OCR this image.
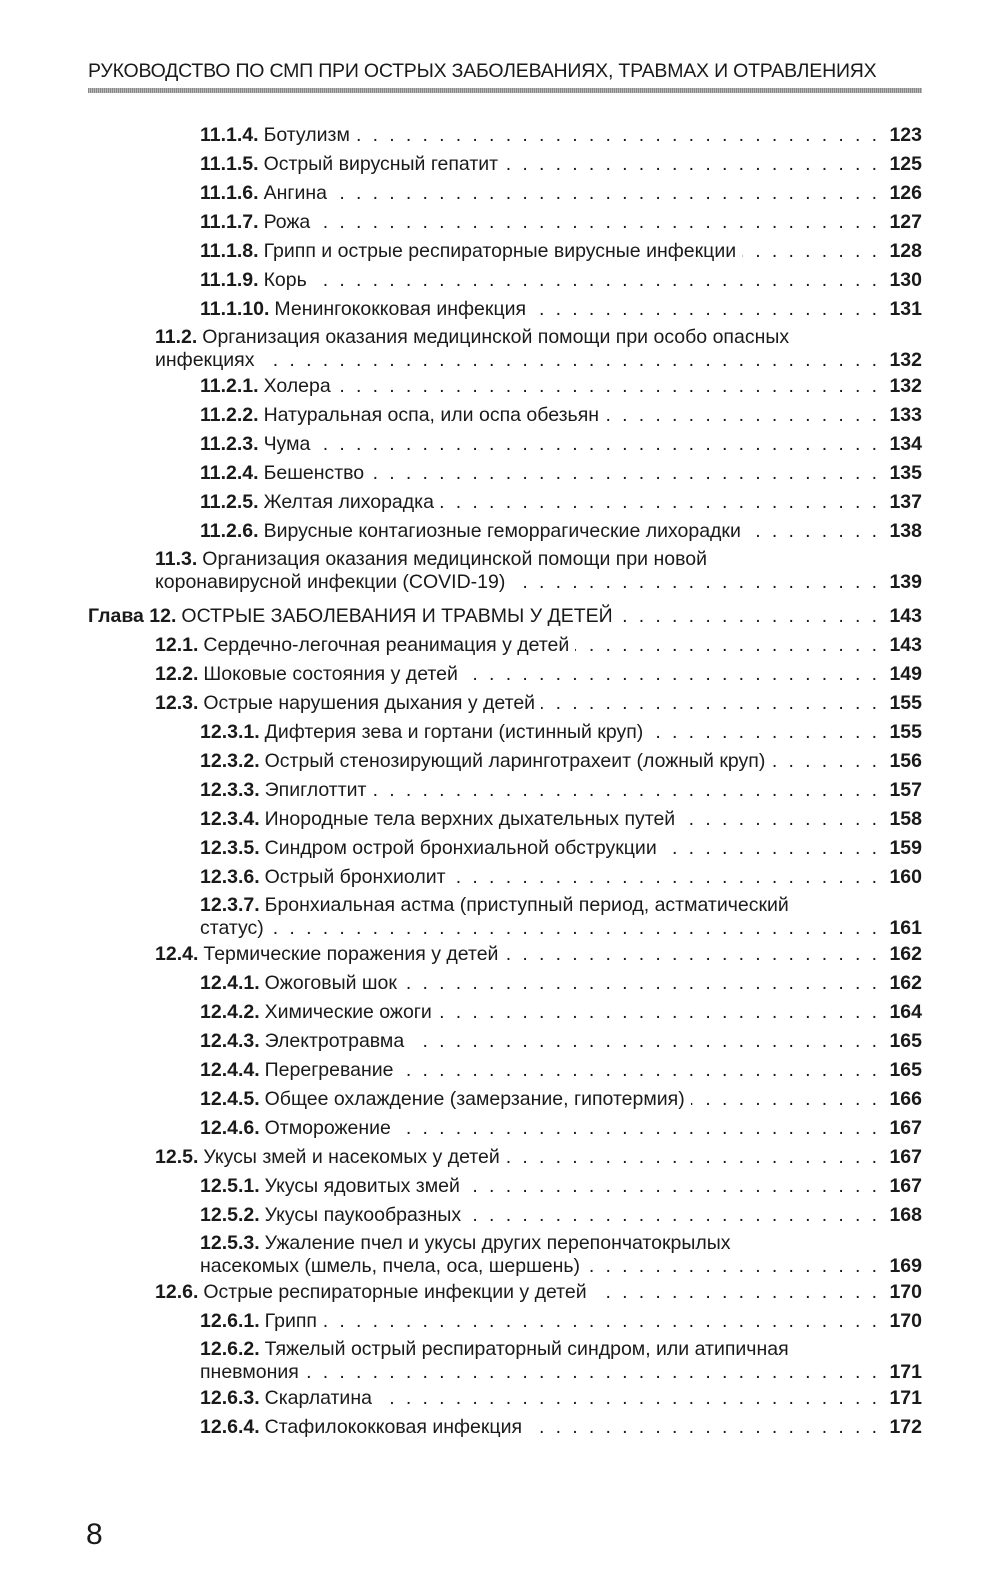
РУКОВОДСТВО ПО СМП ПРИ ОСТРЫХ ЗАБОЛЕВАНИЯХ, ТРАВМАХ И ОТРАВЛЕНИЯХ
11.1.4. Ботулизм . . .	123
11.1.5. Острый вирусный гепатит . . .	125
11.1.6. Ангина . . .	126
11.1.7. Рожа . . .	127
11.1.8. Грипп и острые респираторные вирусные инфекции . . .	128
11.1.9. Корь . . .	130
11.1.10. Менингококковая инфекция . . .	131
11.2. Организация оказания медицинской помощи при особо опасных
инфекциях . . .	132
11.2.1. Холера . . .	132
11.2.2. Натуральная оспа, или оспа обезьян . . .	133
11.2.3. Чума . . .	134
11.2.4. Бешенство . . .	135
11.2.5. Желтая лихорадка . . .	137
11.2.6. Вирусные контагиозные геморрагические лихорадки . . .	138
11.3. Организация оказания медицинской помощи при новой
коронавирусной инфекции (COVID-19) . . .	139
Глава 12. ОСТРЫЕ ЗАБОЛЕВАНИЯ И ТРАВМЫ У ДЕТЕЙ . . .	143
12.1. Сердечно-легочная реанимация у детей . . .	143
12.2. Шоковые состояния у детей . . .	149
12.3. Острые нарушения дыхания у детей . . .	155
12.3.1. Дифтерия зева и гортани (истинный круп) . . .	155
12.3.2. Острый стенозирующий ларинготрахеит (ложный круп) . . .	156
12.3.3. Эпиглоттит . . .	157
12.3.4. Инородные тела верхних дыхательных путей . . .	158
12.3.5. Синдром острой бронхиальной обструкции . . .	159
12.3.6. Острый бронхиолит . . .	160
12.3.7. Бронхиальная астма (приступный период, астматический
статус) . . .	161
12.4. Термические поражения у детей . . .	162
12.4.1. Ожоговый шок . . .	162
12.4.2. Химические ожоги . . .	164
12.4.3. Электротравма . . .	165
12.4.4. Перегревание . . .	165
12.4.5. Общее охлаждение (замерзание, гипотермия) . . .	166
12.4.6. Отморожение . . .	167
12.5. Укусы змей и насекомых у детей . . .	167
12.5.1. Укусы ядовитых змей . . .	167
12.5.2. Укусы паукообразных . . .	168
12.5.3. Ужаление пчел и укусы других перепончатокрылых
насекомых (шмель, пчела, оса, шершень) . . .	169
12.6. Острые респираторные инфекции у детей . . .	170
12.6.1. Грипп . . .	170
12.6.2. Тяжелый острый респираторный синдром, или атипичная
пневмония . . .	171
12.6.3. Скарлатина . . .	171
12.6.4. Стафилококковая инфекция . . .	172
8
